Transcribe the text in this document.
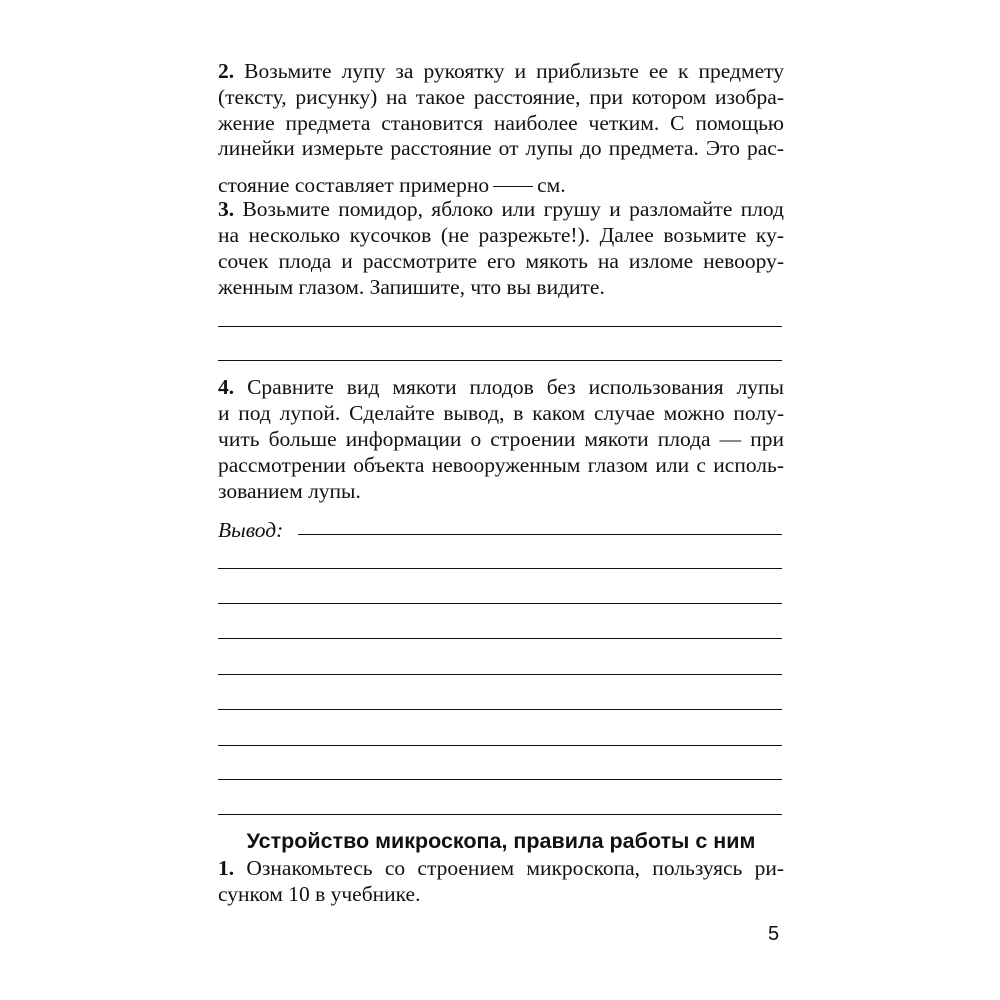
2. Возьмите лупу за рукоятку и приблизьте ее к предмету
(тексту, рисунку) на такое расстояние, при котором изобра-
жение предмета становится наиболее четким. С помощью
линейки измерьте расстояние от лупы до предмета. Это рас-
стояние составляет примерно см.
3. Возьмите помидор, яблоко или грушу и разломайте плод
на несколько кусочков (не разрежьте!). Далее возьмите ку-
сочек плода и рассмотрите его мякоть на изломе невоору-
женным глазом. Запишите, что вы видите.
4. Сравните вид мякоти плодов без использования лупы
и под лупой. Сделайте вывод, в каком случае можно полу-
чить больше информации о строении мякоти плода — при
рассмотрении объекта невооруженным глазом или с исполь-
зованием лупы.
Вывод:
Устройство микроскопа, правила работы с ним
1. Ознакомьтесь со строением микроскопа, пользуясь ри-
сунком 10 в учебнике.
5
